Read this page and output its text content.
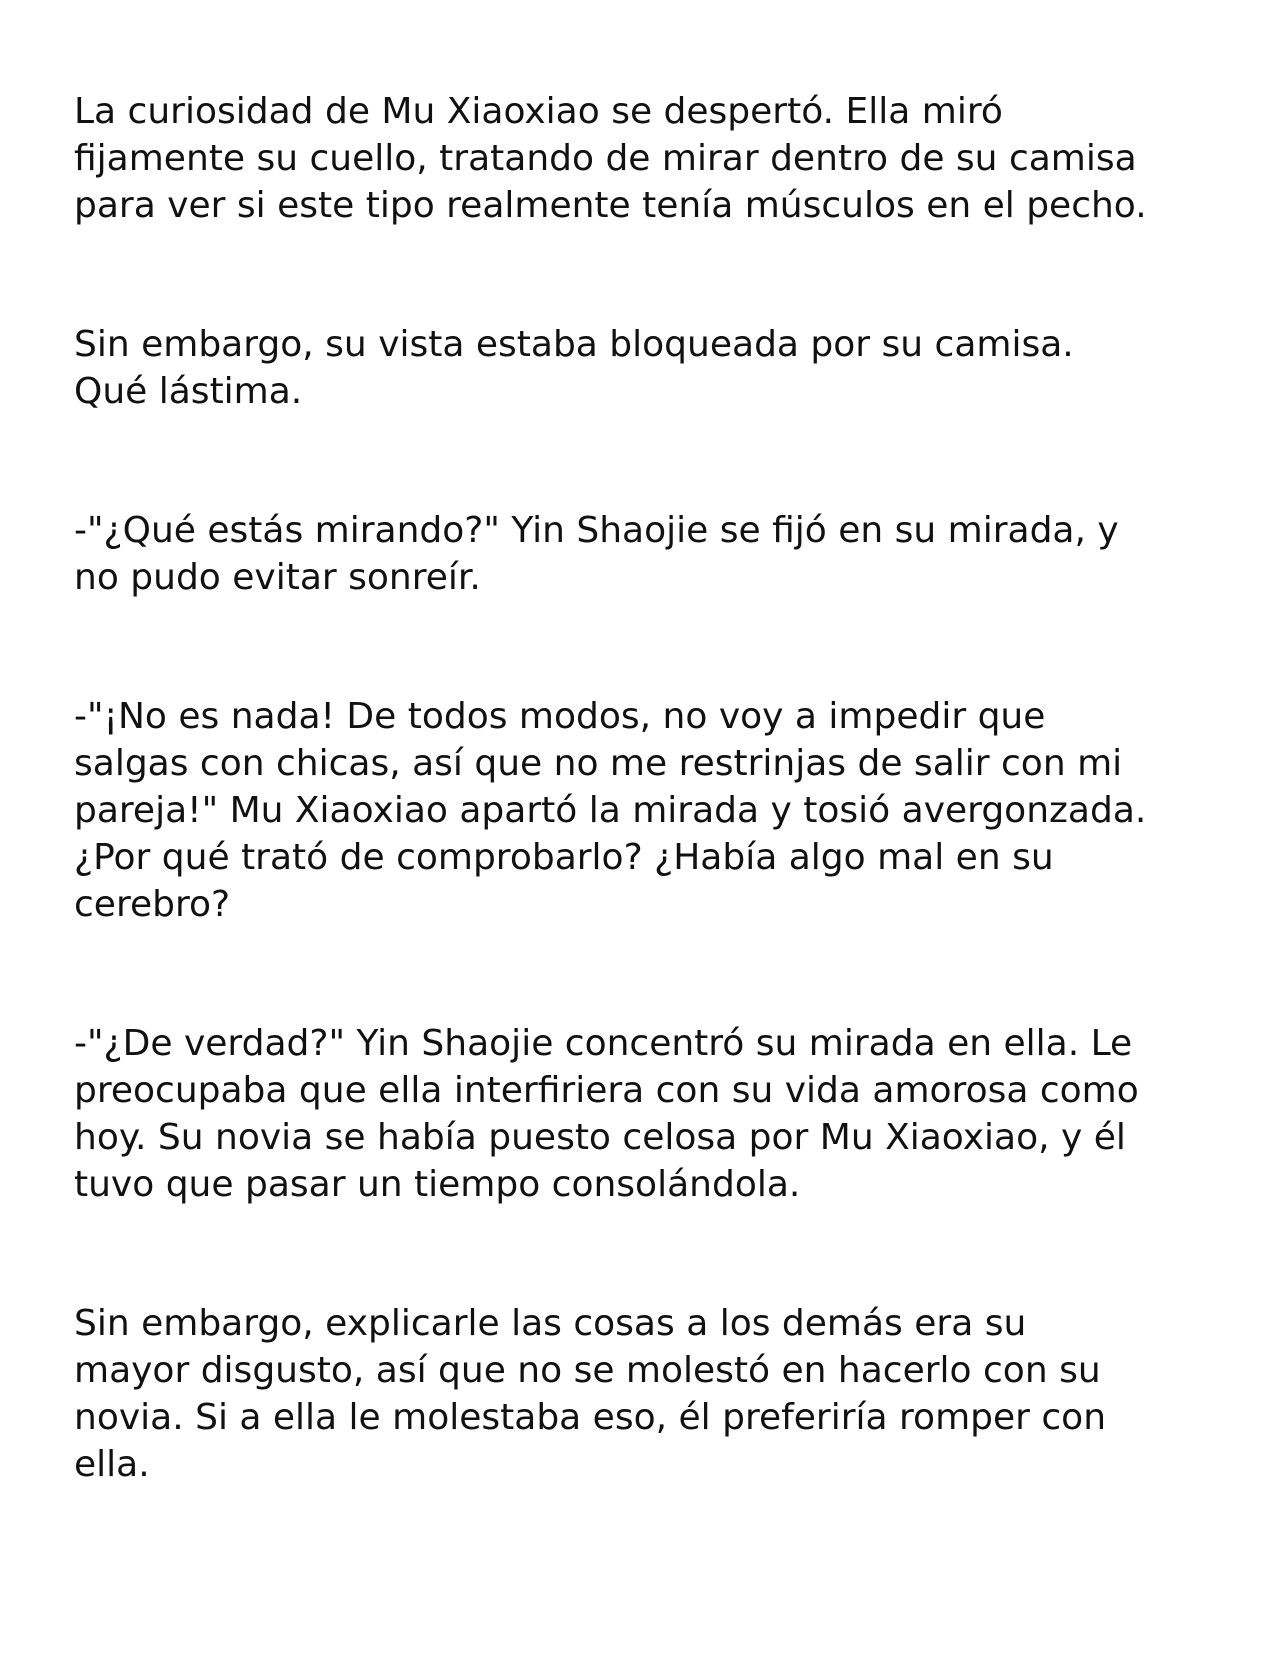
La curiosidad de Mu Xiaoxiao se despertó. Ella miró
fijamente su cuello, tratando de mirar dentro de su camisa
para ver si este tipo realmente tenía músculos en el pecho.

Sin embargo, su vista estaba bloqueada por su camisa.
Qué lástima.

-"¿Qué estás mirando?" Yin Shaojie se fijó en su mirada, y
no pudo evitar sonreír.

-"¡No es nada! De todos modos, no voy a impedir que
salgas con chicas, así que no me restrinjas de salir con mi
pareja!" Mu Xiaoxiao apartó la mirada y tosió avergonzada.
¿Por qué trató de comprobarlo? ¿Había algo mal en su
cerebro?

-"¿De verdad?" Yin Shaojie concentró su mirada en ella. Le
preocupaba que ella interfiriera con su vida amorosa como
hoy. Su novia se había puesto celosa por Mu Xiaoxiao, y él
tuvo que pasar un tiempo consolándola.

Sin embargo, explicarle las cosas a los demás era su
mayor disgusto, así que no se molestó en hacerlo con su
novia. Si a ella le molestaba eso, él preferiría romper con
ella.
